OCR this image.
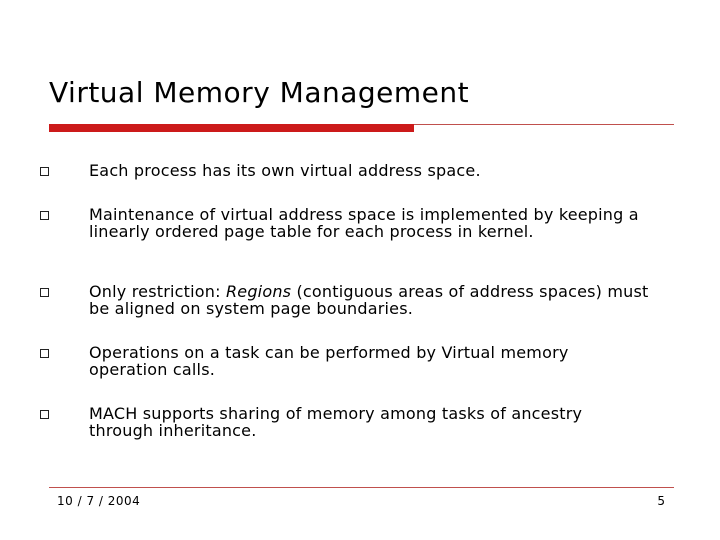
Virtual Memory Management
Each process has its own virtual address space.
Maintenance of virtual address space is implemented by keeping a linearly ordered page table for each process in kernel.
Only restriction: Regions (contiguous areas of address spaces) must be aligned on system page boundaries.
Operations on a task can be performed by Virtual memory operation calls.
MACH supports sharing of memory among tasks of ancestry through inheritance.
10 / 7 / 2004	5
